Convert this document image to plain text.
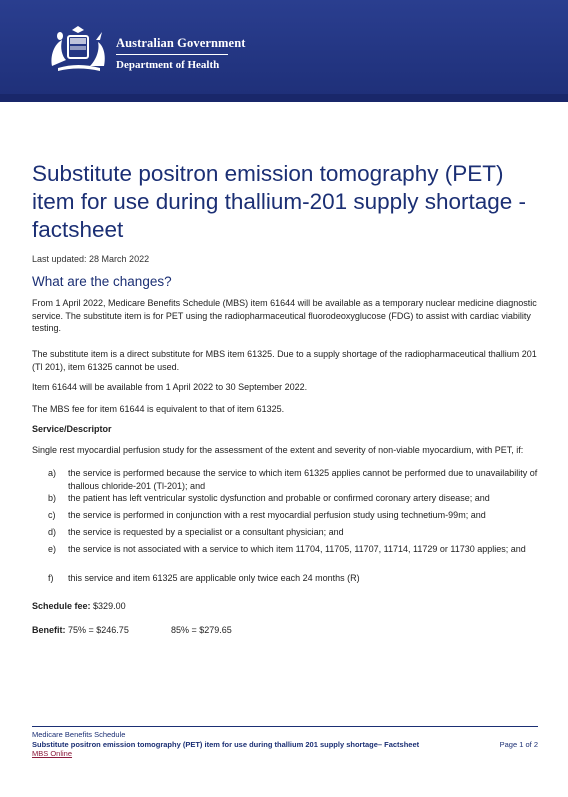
Australian Government
Department of Health
Substitute positron emission tomography (PET) item for use during thallium-201 supply shortage - factsheet
Last updated: 28 March 2022
What are the changes?

From 1 April 2022, Medicare Benefits Schedule (MBS) item 61644 will be available as a temporary nuclear medicine diagnostic service. The substitute item is for PET using the radiopharmaceutical fluorodeoxyglucose (FDG) to assist with cardiac viability testing.

The substitute item is a direct substitute for MBS item 61325. Due to a supply shortage of the radiopharmaceutical thallium 201 (Tl 201), item 61325 cannot be used.

Item 61644 will be available from 1 April 2022 to 30 September 2022.

The MBS fee for item 61644 is equivalent to that of item 61325.

Service/Descriptor

Single rest myocardial perfusion study for the assessment of the extent and severity of non-viable myocardium, with PET, if:

a)	the service is performed because the service to which item 61325 applies cannot be performed due to unavailability of thallous chloride-201 (Tl-201); and
b)	the patient has left ventricular systolic dysfunction and probable or confirmed coronary artery disease; and
c)	the service is performed in conjunction with a rest myocardial perfusion study using technetium-99m; and
d)	the service is requested by a specialist or a consultant physician; and
e)	the service is not associated with a service to which item 11704, 11705, 11707, 11714, 11729 or 11730 applies; and
f)	this service and item 61325 are applicable only twice each 24 months (R)
Schedule fee: $329.00
Benefit: 75% = $246.75	85% = $279.65
Medicare Benefits Schedule
Substitute positron emission tomography (PET) item for use during thallium 201 supply shortage– Factsheet
MBS Online
Page 1 of 2
